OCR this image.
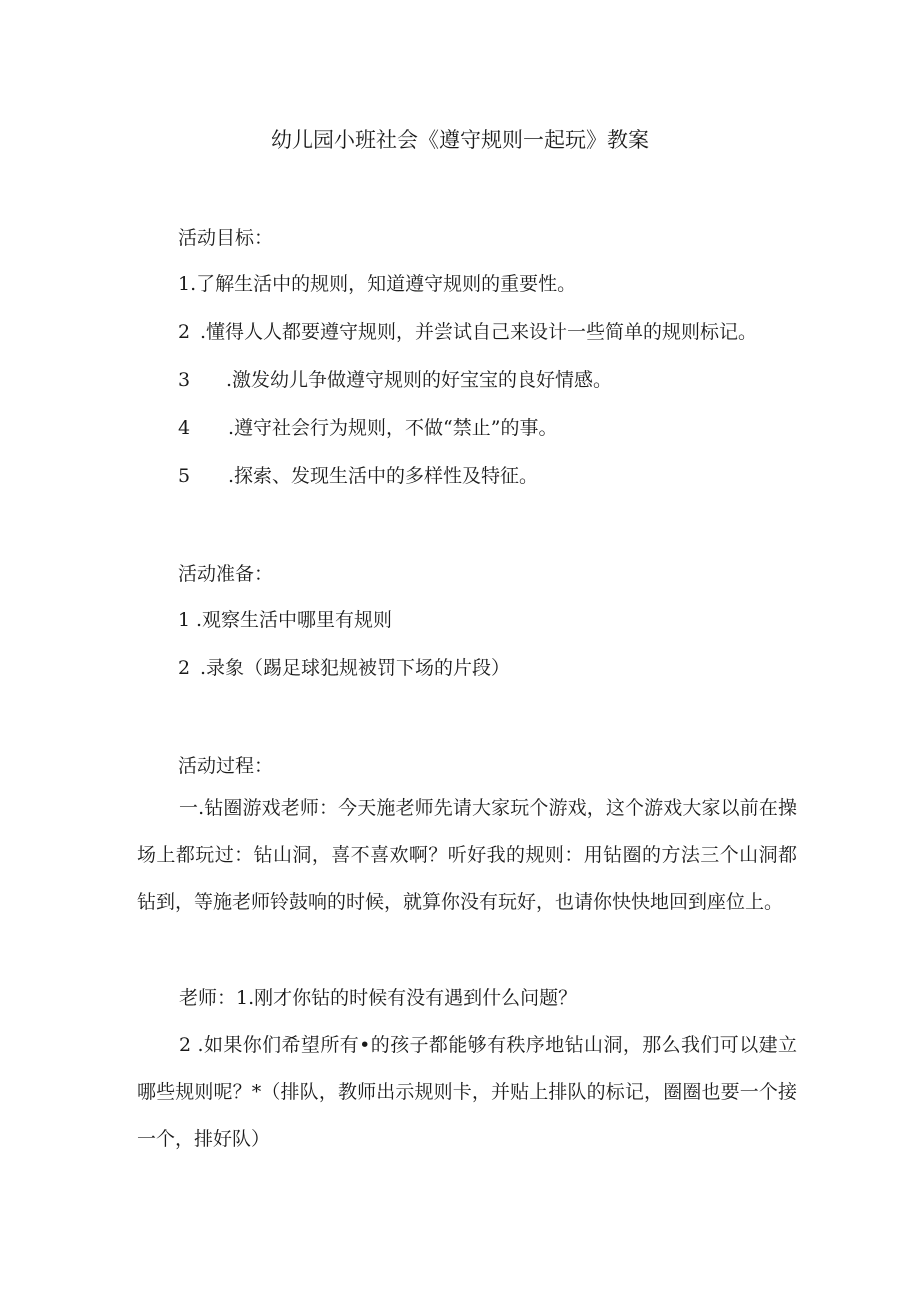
幼儿园小班社会《遵守规则一起玩》教案
活动目标：
1.了解生活中的规则，知道遵守规则的重要性。
2 .懂得人人都要遵守规则，并尝试自己来设计一些简单的规则标记。
3 .激发幼儿争做遵守规则的好宝宝的良好情感。
4 .遵守社会行为规则，不做“禁止”的事。
5 .探索、发现生活中的多样性及特征。
活动准备：
1 .观察生活中哪里有规则
2 .录象（踢足球犯规被罚下场的片段）
活动过程：
一.钻圈游戏老师：今天施老师先请大家玩个游戏，这个游戏大家以前在操场上都玩过：钻山洞，喜不喜欢啊？听好我的规则：用钻圈的方法三个山洞都钻到，等施老师铃鼓响的时候，就算你没有玩好，也请你快快地回到座位上。
老师：1.刚才你钻的时候有没有遇到什么问题？
2 .如果你们希望所有•的孩子都能够有秩序地钻山洞，那么我们可以建立哪些规则呢？*（排队，教师出示规则卡，并贴上排队的标记，圈圈也要一个接一个，排好队）
